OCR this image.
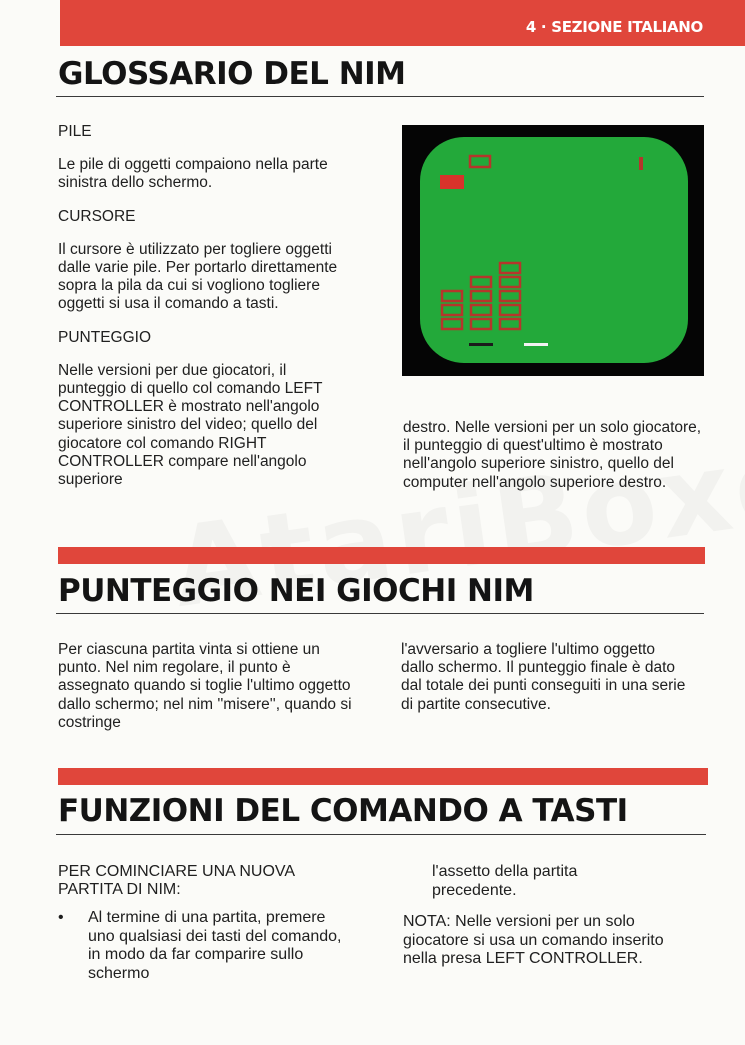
4 · SEZIONE ITALIANO
GLOSSARIO DEL NIM
PILE

Le pile di oggetti compaiono nella parte sinistra dello schermo.

CURSORE

Il cursore è utilizzato per togliere oggetti dalle varie pile. Per portarlo direttamente sopra la pila da cui si vogliono togliere oggetti si usa il comando a tasti.

PUNTEGGIO

Nelle versioni per due giocatori, il punteggio di quello col comando LEFT CONTROLLER è mostrato nell'angolo superiore sinistro del video; quello del giocatore col comando RIGHT CONTROLLER compare nell'angolo superiore

destro. Nelle versioni per un solo giocatore, il punteggio di quest'ultimo è mostrato nell'angolo superiore sinistro, quello del computer nell'angolo superiore destro.

PUNTEGGIO NEI GIOCHI NIM

Per ciascuna partita vinta si ottiene un punto. Nel nim regolare, il punto è assegnato quando si toglie l'ultimo oggetto dallo schermo; nel nim ''misere'', quando si costringe

l'avversario a togliere l'ultimo oggetto dallo schermo. Il punteggio finale è dato dal totale dei punti conseguiti in una serie di partite consecutive.

FUNZIONI DEL COMANDO A TASTI
PER COMINCIARE UNA NUOVA PARTITA DI NIM:
• Al termine di una partita, premere uno qualsiasi dei tasti del comando, in modo da far comparire sullo schermo
l'assetto della partita precedente.
NOTA: Nelle versioni per un solo giocatore si usa un comando inserito nella presa LEFT CONTROLLER.
